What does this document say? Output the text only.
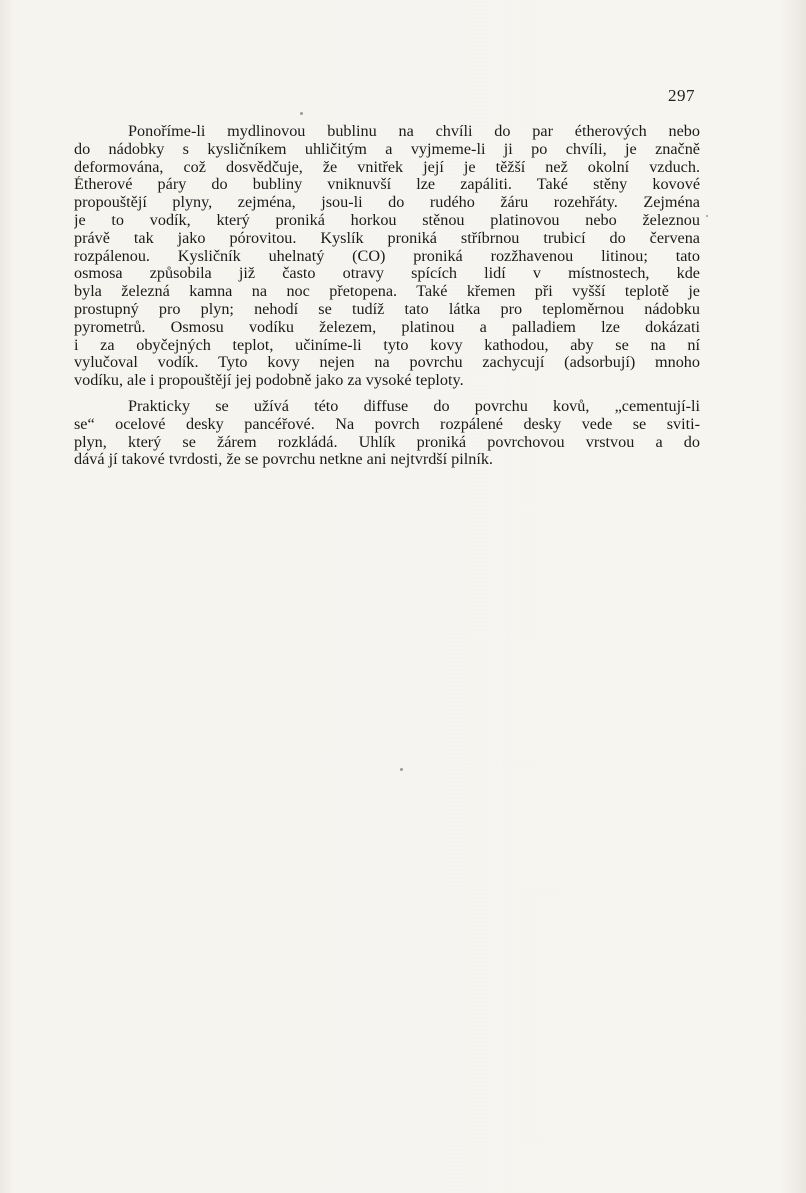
297
Ponoříme-li mydlinovou bublinu na chvíli do par étherových nebo
do nádobky s kysličníkem uhličitým a vyjmeme-li ji po chvíli, je značně
deformována, což dosvědčuje, že vnitřek její je těžší než okolní vzduch.
Étherové páry do bubliny vniknuvší lze zapáliti. Také stěny kovové
propouštějí plyny, zejména, jsou-li do rudého žáru rozehřáty. Zejména
je to vodík, který proniká horkou stěnou platinovou nebo železnou
právě tak jako pórovitou. Kyslík proniká stříbrnou trubicí do červena
rozpálenou. Kysličník uhelnatý (CO) proniká rozžhavenou litinou; tato
osmosa způsobila již často otravy spících lidí v místnostech, kde
byla železná kamna na noc přetopena. Také křemen při vyšší teplotě je
prostupný pro plyn; nehodí se tudíž tato látka pro teploměrnou nádobku
pyrometrů. Osmosu vodíku železem, platinou a palladiem lze dokázati
i za obyčejných teplot, učiníme-li tyto kovy kathodou, aby se na ní
vylučoval vodík. Tyto kovy nejen na povrchu zachycují (adsorbují) mnoho
vodíku, ale i propouštějí jej podobně jako za vysoké teploty.
Prakticky se užívá této diffuse do povrchu kovů, „cementují-li
se“ ocelové desky pancéřové. Na povrch rozpálené desky vede se sviti-
plyn, který se žárem rozkládá. Uhlík proniká povrchovou vrstvou a do
dává jí takové tvrdosti, že se povrchu netkne ani nejtvrdší pilník.
